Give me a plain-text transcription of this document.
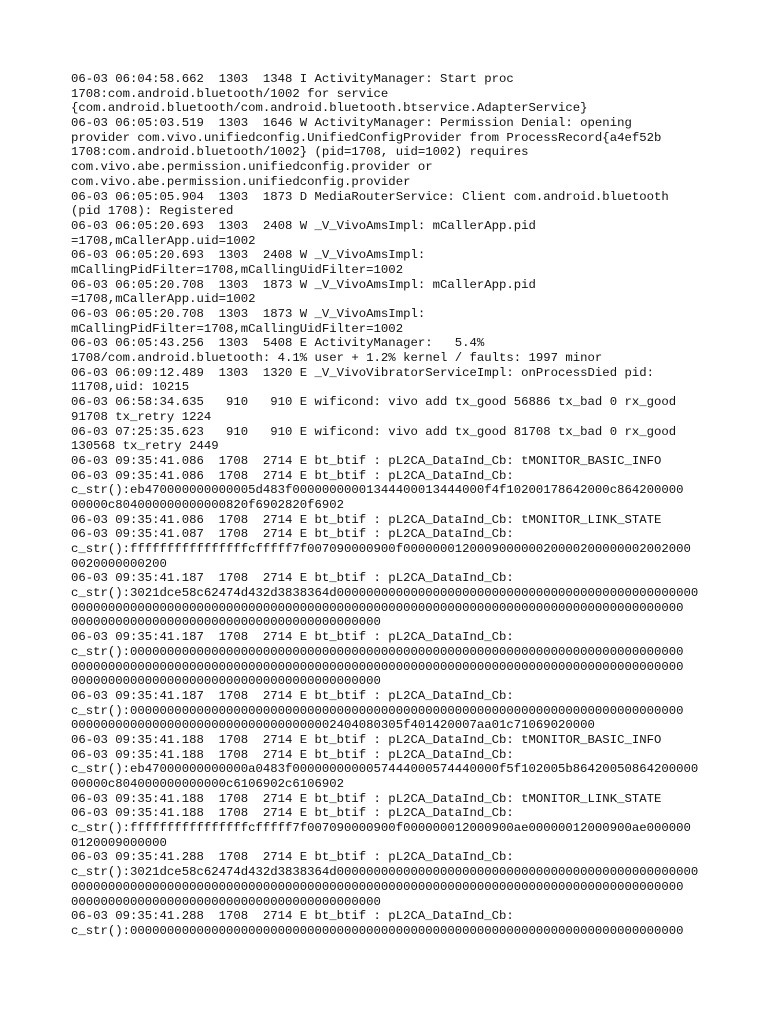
06-03 06:04:58.662  1303  1348 I ActivityManager: Start proc
1708:com.android.bluetooth/1002 for service
{com.android.bluetooth/com.android.bluetooth.btservice.AdapterService}
06-03 06:05:03.519  1303  1646 W ActivityManager: Permission Denial: opening
provider com.vivo.unifiedconfig.UnifiedConfigProvider from ProcessRecord{a4ef52b
1708:com.android.bluetooth/1002} (pid=1708, uid=1002) requires
com.vivo.abe.permission.unifiedconfig.provider or
com.vivo.abe.permission.unifiedconfig.provider
06-03 06:05:05.904  1303  1873 D MediaRouterService: Client com.android.bluetooth
(pid 1708): Registered
06-03 06:05:20.693  1303  2408 W _V_VivoAmsImpl: mCallerApp.pid
=1708,mCallerApp.uid=1002
06-03 06:05:20.693  1303  2408 W _V_VivoAmsImpl:
mCallingPidFilter=1708,mCallingUidFilter=1002
06-03 06:05:20.708  1303  1873 W _V_VivoAmsImpl: mCallerApp.pid
=1708,mCallerApp.uid=1002
06-03 06:05:20.708  1303  1873 W _V_VivoAmsImpl:
mCallingPidFilter=1708,mCallingUidFilter=1002
06-03 06:05:43.256  1303  5408 E ActivityManager:   5.4%
1708/com.android.bluetooth: 4.1% user + 1.2% kernel / faults: 1997 minor
06-03 06:09:12.489  1303  1320 E _V_VivoVibratorServiceImpl: onProcessDied pid:
11708,uid: 10215
06-03 06:58:34.635   910   910 E wificond: vivo add tx_good 56886 tx_bad 0 rx_good
91708 tx_retry 1224
06-03 07:25:35.623   910   910 E wificond: vivo add tx_good 81708 tx_bad 0 rx_good
130568 tx_retry 2449
06-03 09:35:41.086  1708  2714 E bt_btif : pL2CA_DataInd_Cb: tMONITOR_BASIC_INFO
06-03 09:35:41.086  1708  2714 E bt_btif : pL2CA_DataInd_Cb:
c_str():eb470000000000005d483f00000000001344400013444000f4f10200178642000c864200000
00000c804000000000000820f6902820f6902
06-03 09:35:41.086  1708  2714 E bt_btif : pL2CA_DataInd_Cb: tMONITOR_LINK_STATE
06-03 09:35:41.087  1708  2714 E bt_btif : pL2CA_DataInd_Cb:
c_str():ffffffffffffffffcfffff7f007090000900f000000012000900000020000200000002002000
0020000000200
06-03 09:35:41.187  1708  2714 E bt_btif : pL2CA_DataInd_Cb:
c_str():3021dce58c62474d432d3838364d0000000000000000000000000000000000000000000000000
00000000000000000000000000000000000000000000000000000000000000000000000000000000000
000000000000000000000000000000000000000000
06-03 09:35:41.187  1708  2714 E bt_btif : pL2CA_DataInd_Cb:
c_str():000000000000000000000000000000000000000000000000000000000000000000000000000
00000000000000000000000000000000000000000000000000000000000000000000000000000000000
000000000000000000000000000000000000000000
06-03 09:35:41.187  1708  2714 E bt_btif : pL2CA_DataInd_Cb:
c_str():000000000000000000000000000000000000000000000000000000000000000000000000000
000000000000000000000000000000000002404080305f401420007aa01c71069020000
06-03 09:35:41.188  1708  2714 E bt_btif : pL2CA_DataInd_Cb: tMONITOR_BASIC_INFO
06-03 09:35:41.188  1708  2714 E bt_btif : pL2CA_DataInd_Cb:
c_str():eb47000000000000a0483f0000000000057444000574440000f5f102005b86420050864200000
00000c804000000000000c6106902c6106902
06-03 09:35:41.188  1708  2714 E bt_btif : pL2CA_DataInd_Cb: tMONITOR_LINK_STATE
06-03 09:35:41.188  1708  2714 E bt_btif : pL2CA_DataInd_Cb:
c_str():ffffffffffffffffcfffff7f007090000900f000000012000900ae00000012000900ae000000
0120009000000
06-03 09:35:41.288  1708  2714 E bt_btif : pL2CA_DataInd_Cb:
c_str():3021dce58c62474d432d3838364d0000000000000000000000000000000000000000000000000
00000000000000000000000000000000000000000000000000000000000000000000000000000000000
000000000000000000000000000000000000000000
06-03 09:35:41.288  1708  2714 E bt_btif : pL2CA_DataInd_Cb:
c_str():000000000000000000000000000000000000000000000000000000000000000000000000000
